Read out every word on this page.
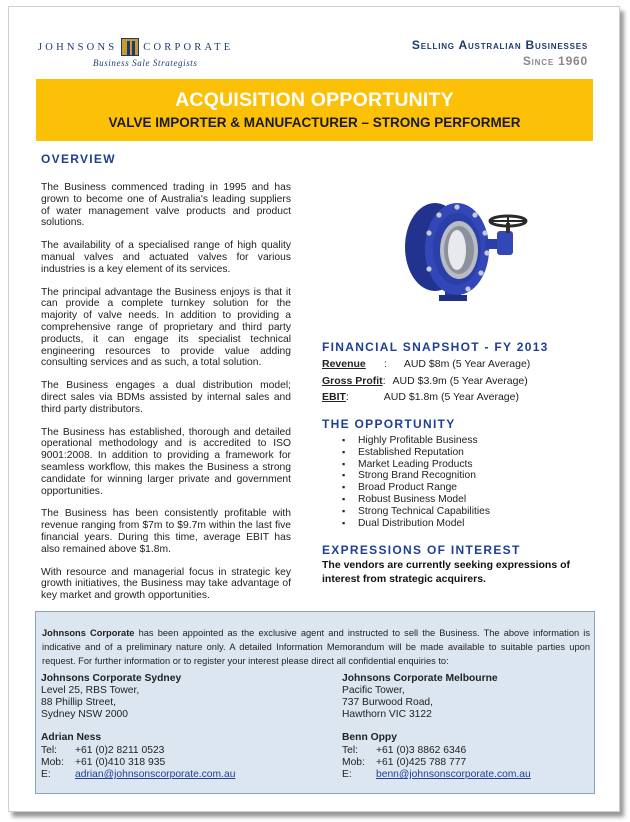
JOHNSONS CORPORATE
Business Sale Strategists
Selling Australian Businesses
Since 1960
ACQUISITION OPPORTUNITY
VALVE IMPORTER & MANUFACTURER – STRONG PERFORMER
OVERVIEW

The Business commenced trading in 1995 and has grown to become one of Australia's leading suppliers of water management valve products and product solutions.

The availability of a specialised range of high quality manual valves and actuated valves for various industries is a key element of its services.

The principal advantage the Business enjoys is that it can provide a complete turnkey solution for the majority of valve needs. In addition to providing a comprehensive range of proprietary and third party products, it can engage its specialist technical engineering resources to provide value adding consulting services and as such, a total solution.

The Business engages a dual distribution model; direct sales via BDMs assisted by internal sales and third party distributors.

The Business has established, thorough and detailed operational methodology and is accredited to ISO 9001:2008. In addition to providing a framework for seamless workflow, this makes the Business a strong candidate for winning larger private and government opportunities.

The Business has been consistently profitable with revenue ranging from $7m to $9.7m within the last five financial years. During this time, average EBIT has also remained above $1.8m.

With resource and managerial focus in strategic key growth initiatives, the Business may take advantage of key market and growth opportunities.

FINANCIAL SNAPSHOT - FY 2013
Revenue : AUD $8m (5 Year Average)
Gross Profit: AUD $3.9m (5 Year Average)
EBIT:	AUD $1.8m (5 Year Average)
THE OPPORTUNITY
▪ Highly Profitable Business
▪ Established Reputation
▪ Market Leading Products
▪ Strong Brand Recognition
▪ Broad Product Range
▪ Robust Business Model
▪ Strong Technical Capabilities
▪ Dual Distribution Model
EXPRESSIONS OF INTEREST
The vendors are currently seeking expressions of interest from strategic acquirers.
Johnsons Corporate has been appointed as the exclusive agent and instructed to sell the Business. The above information is indicative and of a preliminary nature only. A detailed Information Memorandum will be made available to suitable parties upon request. For further information or to register your interest please direct all confidential enquiries to:
Johnsons Corporate Sydney
Level 25, RBS Tower,
88 Phillip Street,
Sydney NSW 2000
Johnsons Corporate Melbourne
Pacific Tower,
737 Burwood Road,
Hawthorn VIC 3122
Adrian Ness
Tel:	+61 (0)2 8211 0523
Mob:	+61 (0)410 318 935
E:	adrian@johnsonscorporate.com.au
Benn Oppy
Tel:	+61 (0)3 8862 6346
Mob:	+61 (0)425 788 777
E:	benn@johnsonscorporate.com.au
